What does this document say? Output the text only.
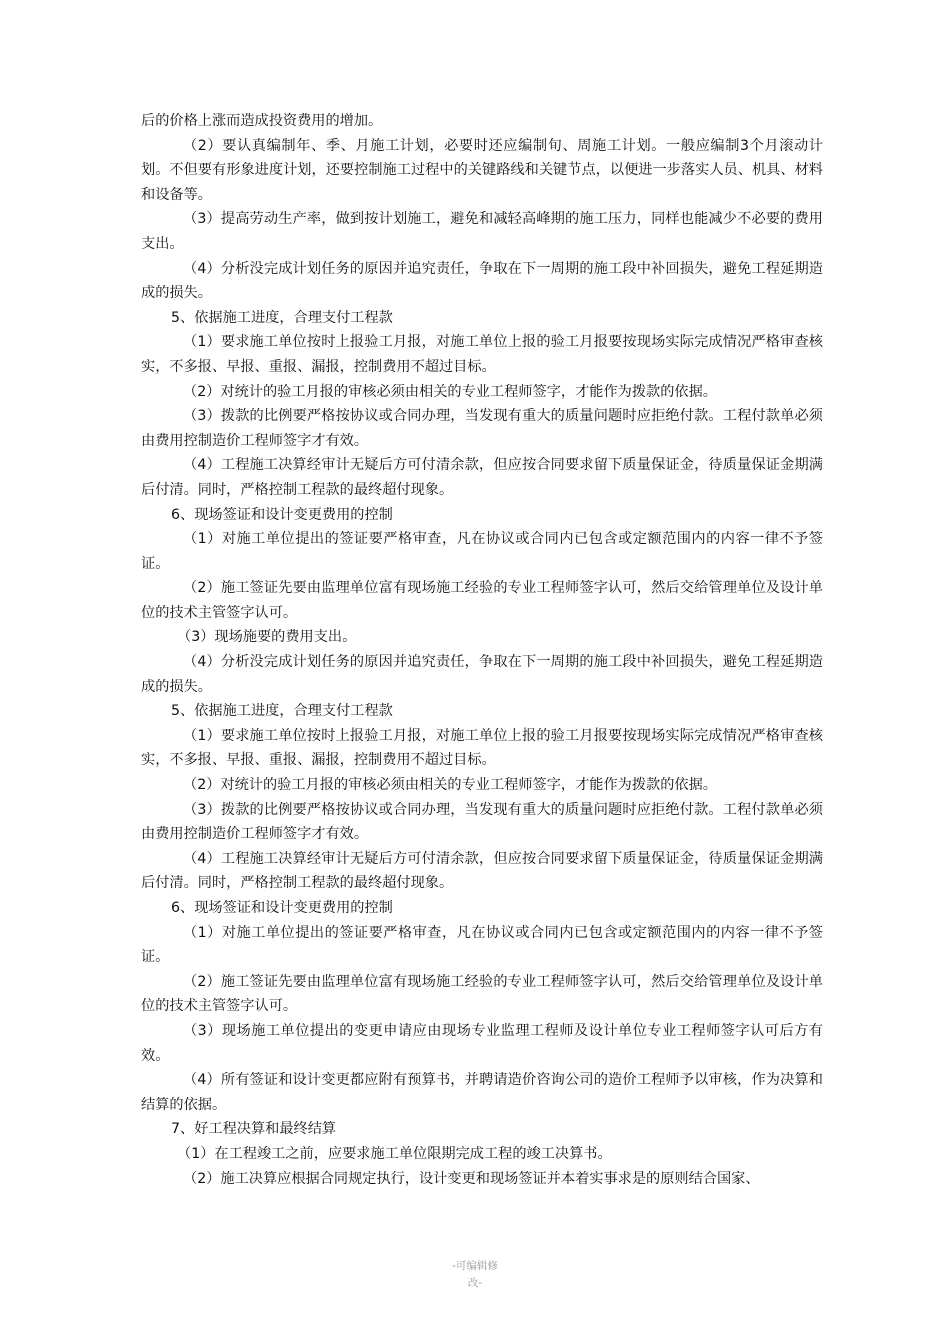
后的价格上涨而造成投资费用的增加。

（2）要认真编制年、季、月施工计划，必要时还应编制旬、周施工计划。一般应编制3个月滚动计划。不但要有形象进度计划，还要控制施工过程中的关键路线和关键节点，以便进一步落实人员、机具、材料和设备等。

（3）提高劳动生产率，做到按计划施工，避免和减轻高峰期的施工压力，同样也能减少不必要的费用支出。

（4）分析没完成计划任务的原因并追究责任，争取在下一周期的施工段中补回损失，避免工程延期造成的损失。

5、依据施工进度，合理支付工程款

（1）要求施工单位按时上报验工月报，对施工单位上报的验工月报要按现场实际完成情况严格审查核实，不多报、早报、重报、漏报，控制费用不超过目标。

（2）对统计的验工月报的审核必须由相关的专业工程师签字，才能作为拨款的依据。

（3）拨款的比例要严格按协议或合同办理，当发现有重大的质量问题时应拒绝付款。工程付款单必须由费用控制造价工程师签字才有效。

（4）工程施工决算经审计无疑后方可付清余款，但应按合同要求留下质量保证金，待质量保证金期满后付清。同时，严格控制工程款的最终超付现象。

6、现场签证和设计变更费用的控制

（1）对施工单位提出的签证要严格审查，凡在协议或合同内已包含或定额范围内的内容一律不予签证。

（2）施工签证先要由监理单位富有现场施工经验的专业工程师签字认可，然后交给管理单位及设计单位的技术主管签字认可。

（3）现场施要的费用支出。

（4）分析没完成计划任务的原因并追究责任，争取在下一周期的施工段中补回损失，避免工程延期造成的损失。

5、依据施工进度，合理支付工程款

（1）要求施工单位按时上报验工月报，对施工单位上报的验工月报要按现场实际完成情况严格审查核实，不多报、早报、重报、漏报，控制费用不超过目标。

（2）对统计的验工月报的审核必须由相关的专业工程师签字，才能作为拨款的依据。

（3）拨款的比例要严格按协议或合同办理，当发现有重大的质量问题时应拒绝付款。工程付款单必须由费用控制造价工程师签字才有效。

（4）工程施工决算经审计无疑后方可付清余款，但应按合同要求留下质量保证金，待质量保证金期满后付清。同时，严格控制工程款的最终超付现象。

6、现场签证和设计变更费用的控制

（1）对施工单位提出的签证要严格审查，凡在协议或合同内已包含或定额范围内的内容一律不予签证。

（2）施工签证先要由监理单位富有现场施工经验的专业工程师签字认可，然后交给管理单位及设计单位的技术主管签字认可。

（3）现场施工单位提出的变更申请应由现场专业监理工程师及设计单位专业工程师签字认可后方有效。

（4）所有签证和设计变更都应附有预算书，并聘请造价咨询公司的造价工程师予以审核，作为决算和结算的依据。

7、好工程决算和最终结算

（1）在工程竣工之前，应要求施工单位限期完成工程的竣工决算书。

（2）施工决算应根据合同规定执行，设计变更和现场签证并本着实事求是的原则结合国家、

-可编辑修
改-
